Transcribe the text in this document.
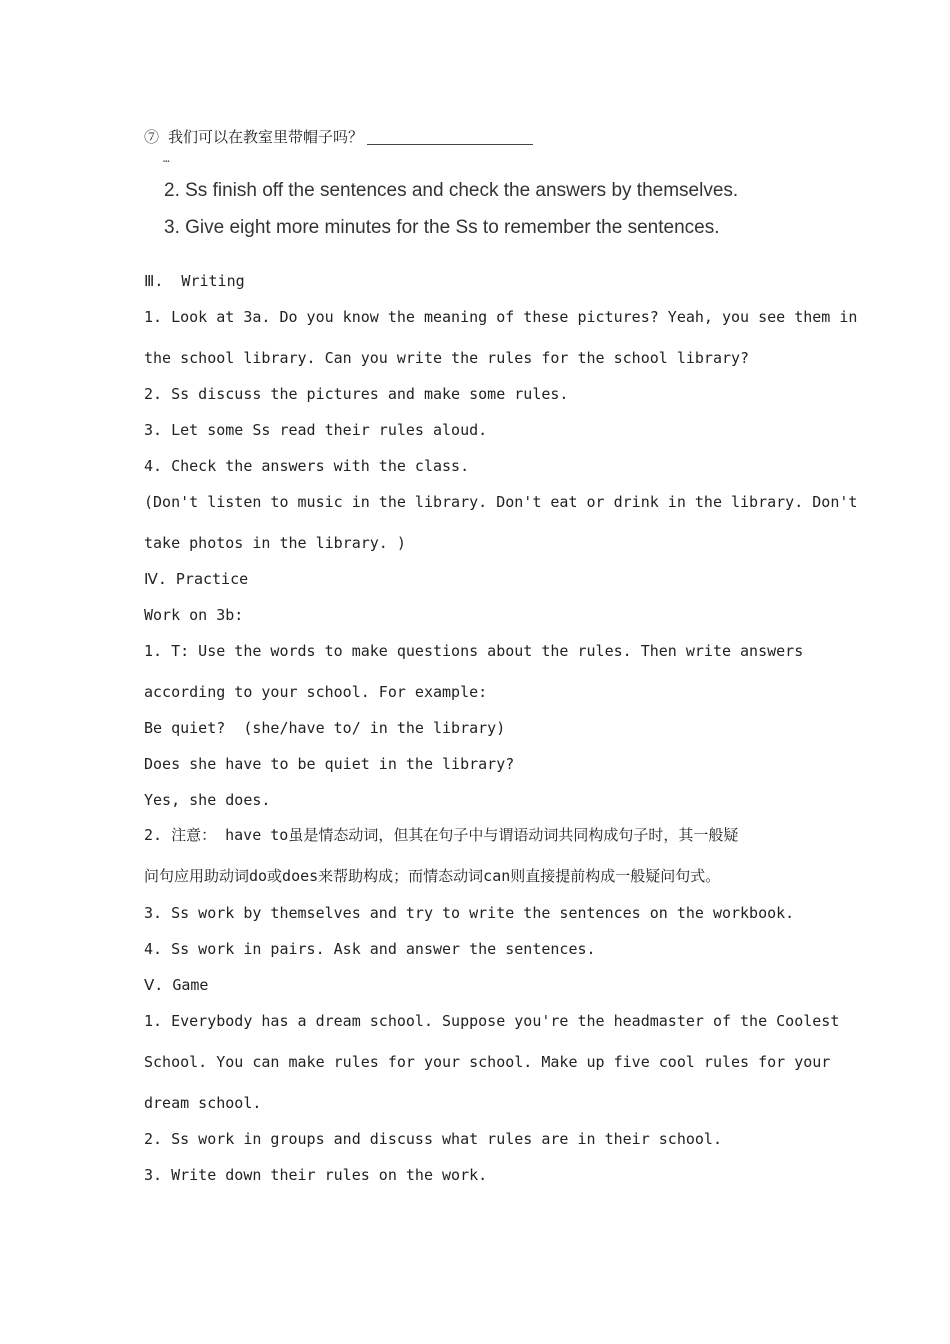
⑦ 我们可以在教室里带帽子吗？
…
2. Ss finish off the sentences and check the answers by themselves.
3. Give eight more minutes for the Ss to remember the sentences.
Ⅲ.  Writing
1. Look at 3a. Do you know the meaning of these pictures? Yeah, you see them in
the school library. Can you write the rules for the school library?
2. Ss discuss the pictures and make some rules.
3. Let some Ss read their rules aloud.
4. Check the answers with the class.
(Don't listen to music in the library. Don't eat or drink in the library. Don't
take photos in the library. )
Ⅳ. Practice
Work on 3b:
1. T: Use the words to make questions about the rules. Then write answers
according to your school. For example:
Be quiet?  (she/have to/ in the library)
Does she have to be quiet in the library?
Yes, she does.
2. 注意： have to虽是情态动词，但其在句子中与谓语动词共同构成句子时，其一般疑
问句应用助动词do或does来帮助构成；而情态动词can则直接提前构成一般疑问句式。
3. Ss work by themselves and try to write the sentences on the workbook.
4. Ss work in pairs. Ask and answer the sentences.
Ⅴ. Game
1. Everybody has a dream school. Suppose you're the headmaster of the Coolest
School. You can make rules for your school. Make up five cool rules for your
dream school.
2. Ss work in groups and discuss what rules are in their school.
3. Write down their rules on the work.
